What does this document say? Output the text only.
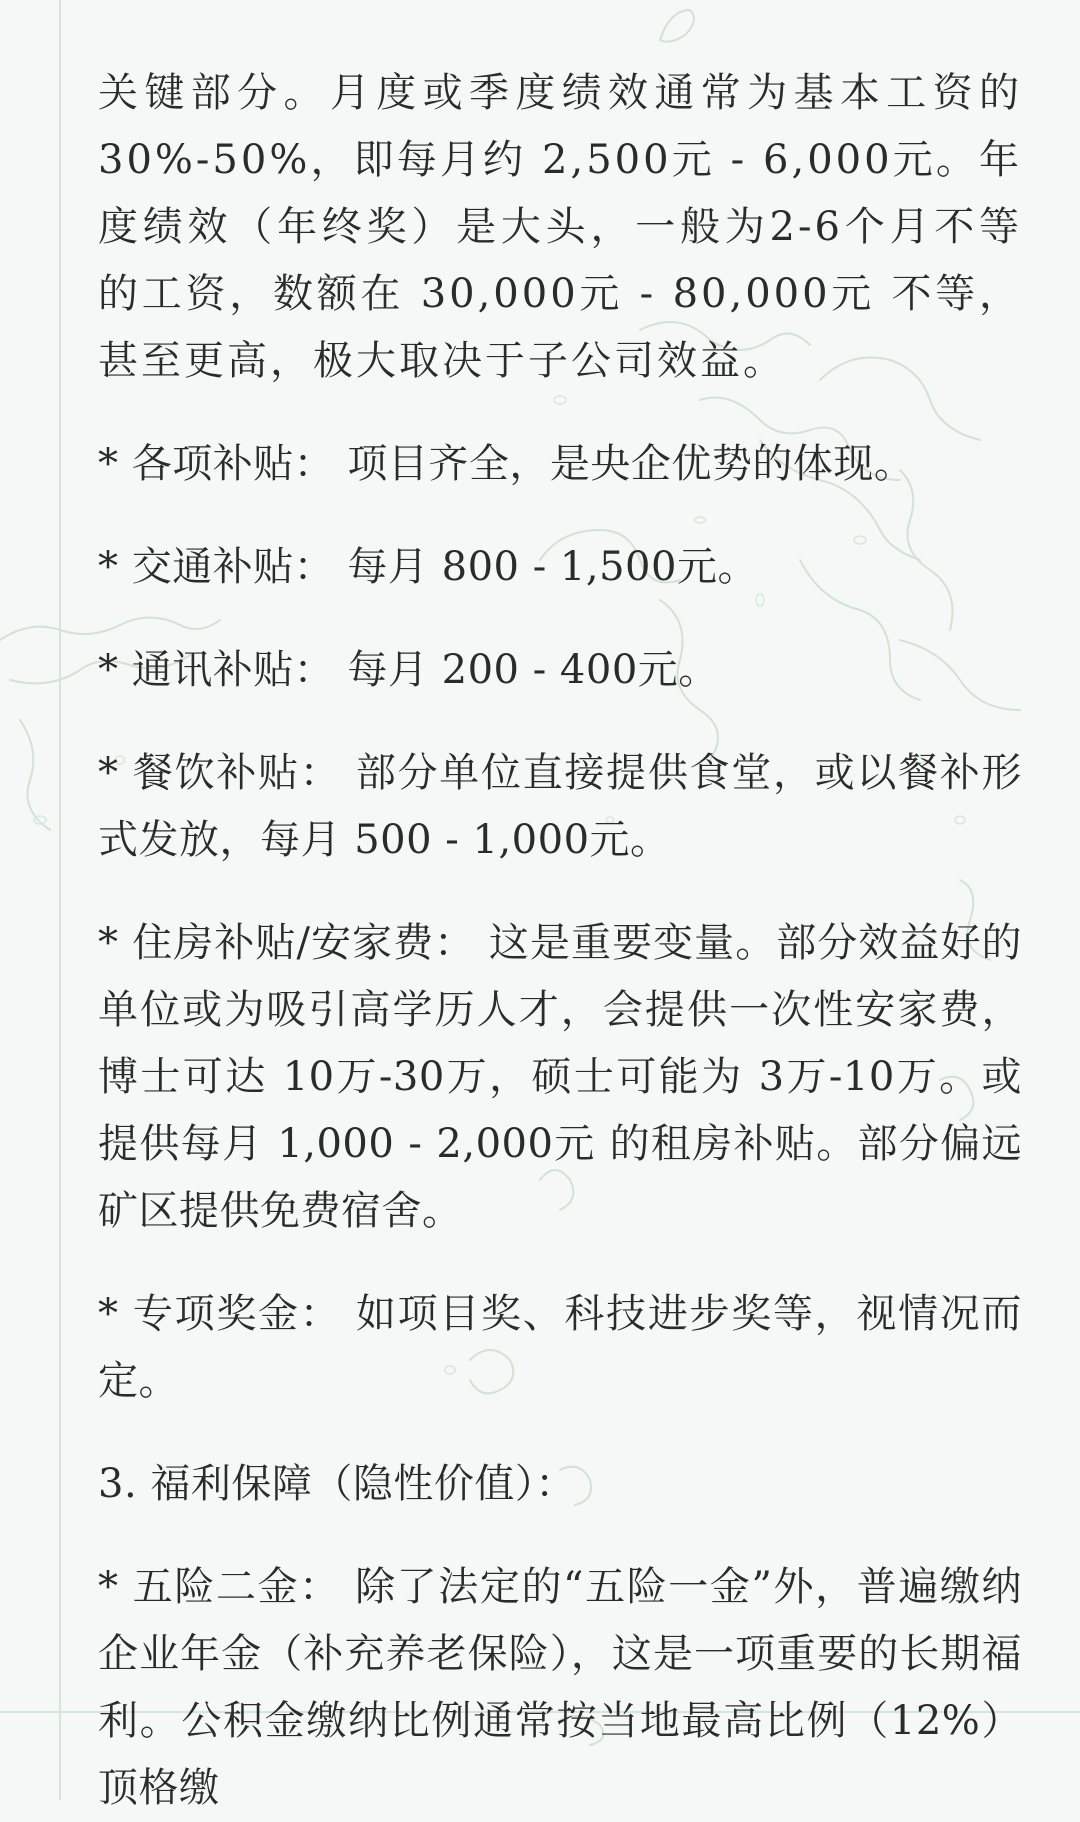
关键部分。月度或季度绩效通常为基本工资的30%-50%，即每月约 2,500元 - 6,000元。年度绩效（年终奖）是大头，一般为2-6个月不等的工资，数额在 30,000元 - 80,000元 不等，甚至更高，极大取决于子公司效益。

* 各项补贴： 项目齐全，是央企优势的体现。

* 交通补贴： 每月 800 - 1,500元。

* 通讯补贴： 每月 200 - 400元。

* 餐饮补贴： 部分单位直接提供食堂，或以餐补形式发放，每月 500 - 1,000元。

* 住房补贴/安家费： 这是重要变量。部分效益好的单位或为吸引高学历人才，会提供一次性安家费，博士可达 10万-30万，硕士可能为 3万-10万。或提供每月 1,000 - 2,000元 的租房补贴。部分偏远矿区提供免费宿舍。

* 专项奖金： 如项目奖、科技进步奖等，视情况而定。

3. 福利保障（隐性价值）：

* 五险二金： 除了法定的“五险一金”外，普遍缴纳企业年金（补充养老保险），这是一项重要的长期福利。公积金缴纳比例通常按当地最高比例（12%）顶格缴
